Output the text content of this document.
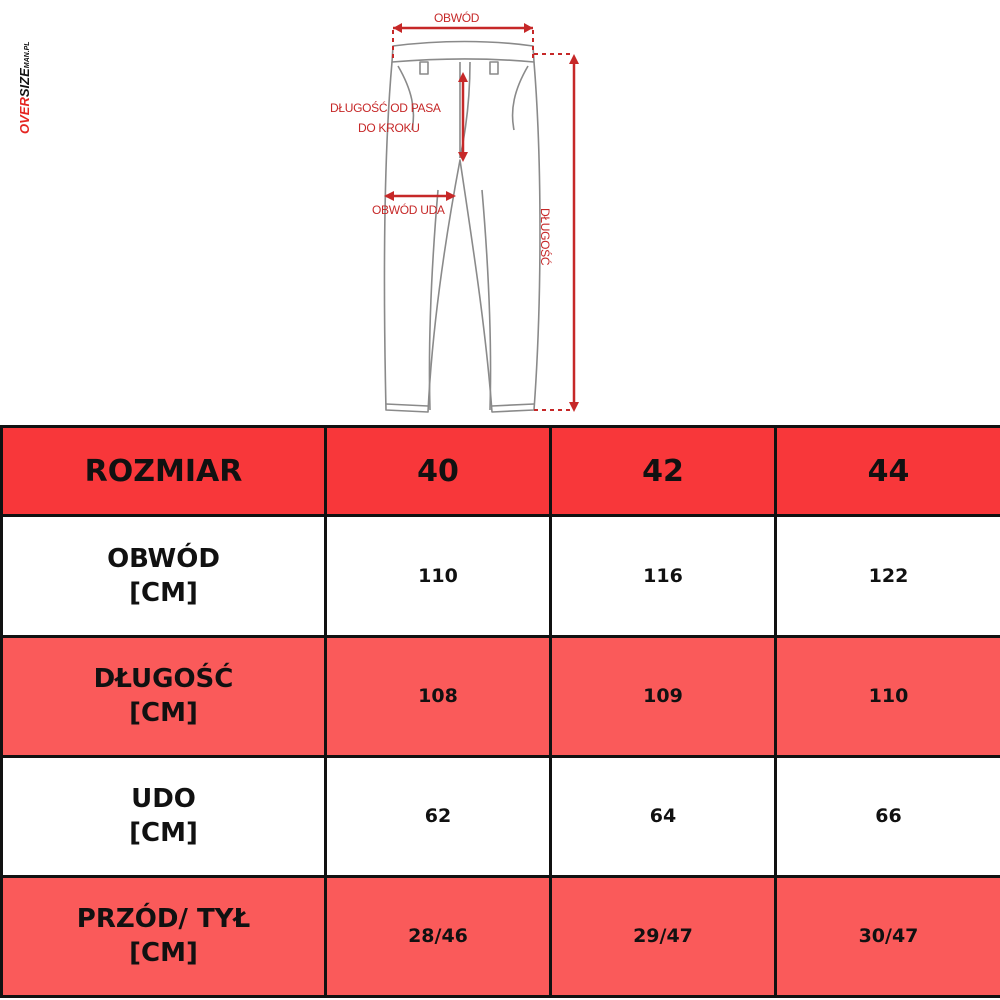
OVERSIZEMAN.PL
OBWÓD
DŁUGOŚĆ OD PASA
DO KROKU
OBWÓD UDA	DŁUGOŚĆ
ROZMIAR	40	42	44
OBWÓD
[CM]	110	116	122
DŁUGOŚĆ
[CM]	108	109	110
UDO
[CM]	62	64	66
PRZÓD/ TYŁ
[CM]	28/46	29/47	30/47
